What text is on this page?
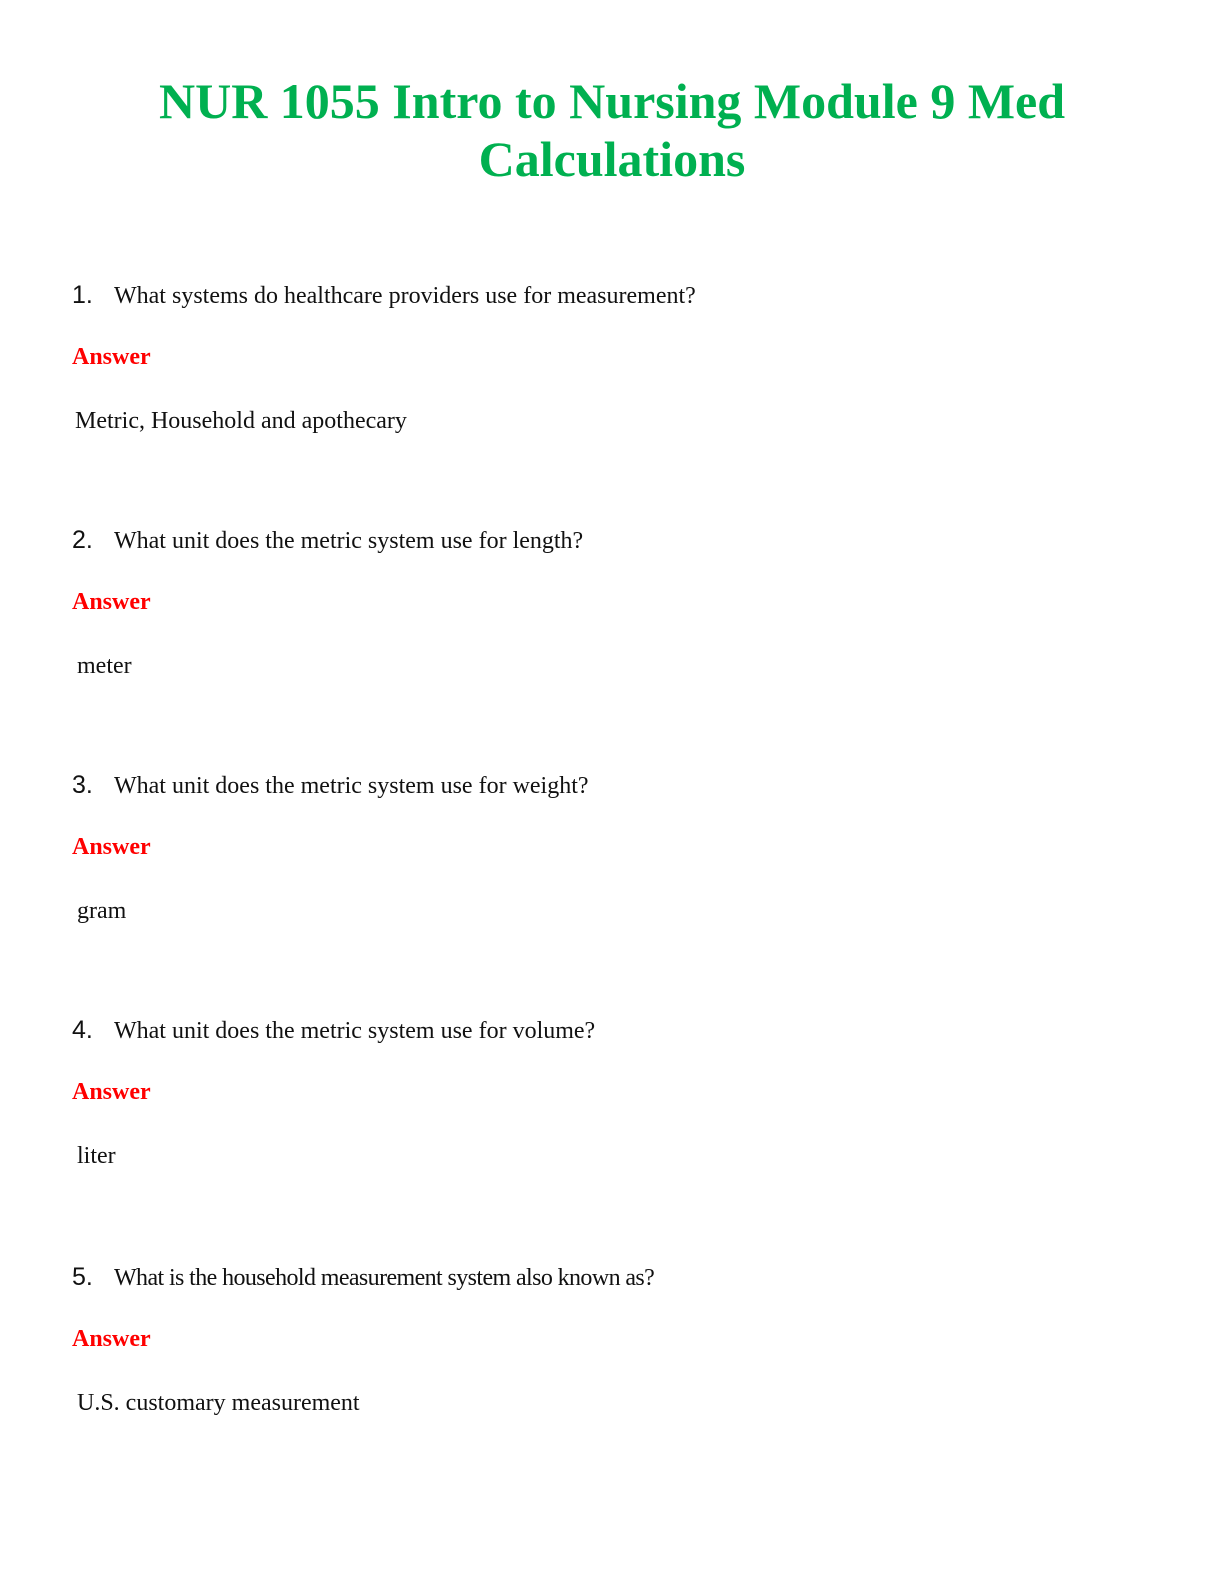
NUR 1055 Intro to Nursing Module 9 Med
Calculations
1. What systems do healthcare providers use for measurement?
Answer
Metric, Household and apothecary
2. What unit does the metric system use for length?
Answer
meter
3. What unit does the metric system use for weight?
Answer
gram
4. What unit does the metric system use for volume?
Answer
liter
5. What is the household measurement system also known as?
Answer
U.S. customary measurement
